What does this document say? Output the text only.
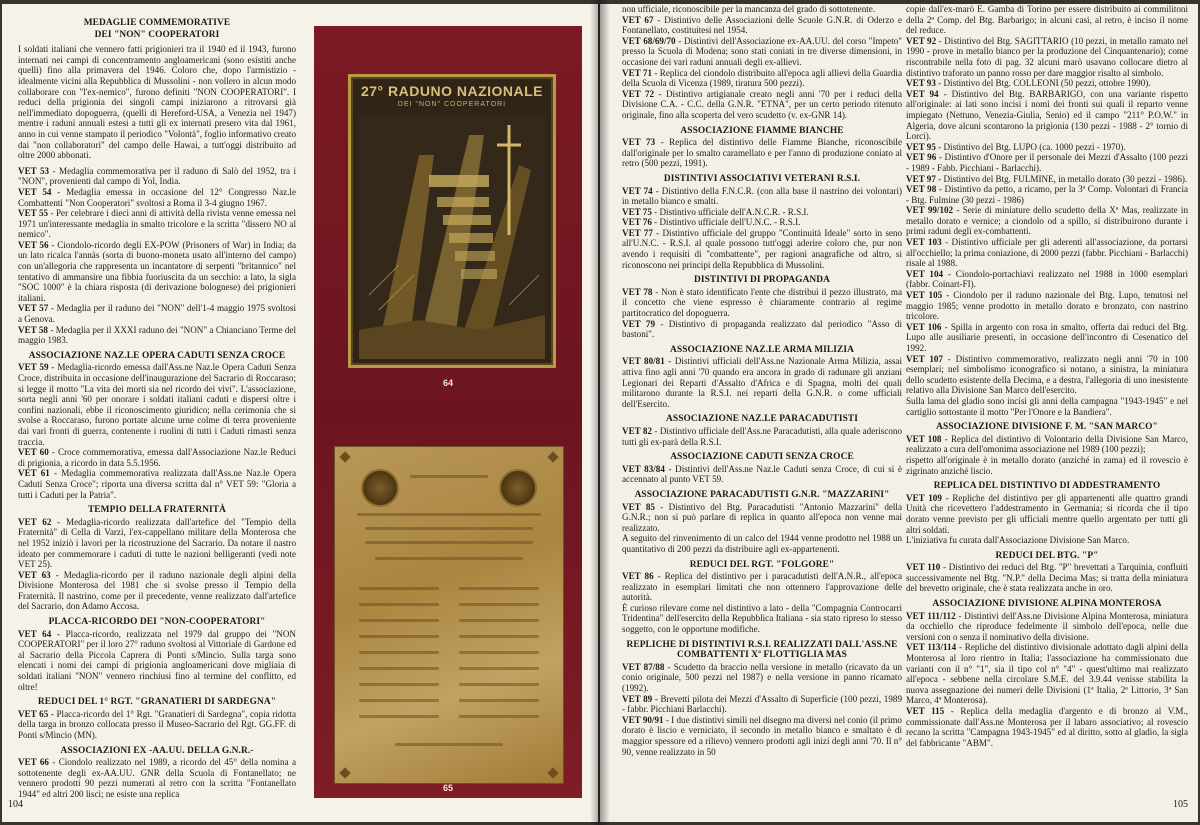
MEDAGLIE COMMEMORATIVE

DEI "NON" COOPERATORI

I soldati italiani che vennero fatti prigionieri tra il 1940 ed il 1943, furono internati nei campi di concentramento angloamericani (sono esistiti anche quelli) fino alla primavera del 1946. Coloro che, dopo l'armistizio - idealmente vicini alla Repubblica di Mussolini - non vollero in alcun modo collaborare con "l'ex-nemico", furono definiti "NON COOPERATORI". I reduci della prigionia dei singoli campi iniziarono a ritrovarsi già nell'immediato dopoguerra, (quelli di Hereford-USA, a Venezia nel 1947) mentre i raduni annuali estesi a tutti gli ex internati presero vita dal 1961, anno in cui venne stampato il periodico "Volontà", foglio informativo creato dai "non collaboratori" del campo delle Hawai, a tutt'oggi distribuito ad oltre 2000 abbonati.

VET 53 - Medaglia commemorativa per il raduno di Salò del 1952, tra i "NON", provenienti dal campo di Yol, India.

VET 54 - Medaglia emessa in occasione del 12° Congresso Naz.le Combattenti "Non Cooperatori" svoltosi a Roma il 3-4 giugno 1967.

VET 55 - Per celebrare i dieci anni di attività della rivista venne emessa nel 1971 un'interessante medaglia in smalto tricolore e la scritta "dissero NO al nemico".

VET 56 - Ciondolo-ricordo degli EX-POW (Prisoners of War) in India; da un lato ricalca l'annàs (sorta di buono-moneta usato all'interno del campo) con un'allegoria che rappresenta un incantatore di serpenti "britannico" nel tentativo di ammansire una fibbia fuoriuscita da un secchio: a lato, la sigla "SOC 1000" è la chiara risposta (di derivazione bolognese) dei prigionieri italiani.

VET 57 - Medaglia per il raduno dei "NON" dell'1-4 maggio 1975 svoltosi a Genova.

VET 58 - Medaglia per il XXXI raduno dei "NON" a Chianciano Terme del maggio 1983.

ASSOCIAZIONE NAZ.LE OPERA CADUTI SENZA CROCE

VET 59 - Medaglia-ricordo emessa dall'Ass.ne Naz.le Opera Caduti Senza Croce, distribuita in occasione dell'inaugurazione del Sacrario di Roccaraso; si legge il motto "La vita dei morti sia nel ricordo dei vivi". L'associazione, sorta negli anni '60 per onorare i soldati italiani caduti e dispersi oltre i confini nazionali, ebbe il riconoscimento giuridico; nella cerimonia che si svolse a Roccaraso, furono portate alcune urne colme di terra proveniente dai vari fronti di guerra, contenente i ruolini di tutti i Caduti rimasti senza traccia.

VET 60 - Croce commemorativa, emessa dall'Associazione Naz.le Reduci di prigionia, a ricordo in data 5.5.1956.

VET 61 - Medaglia commemorativa realizzata dall'Ass.ne Naz.le Opera Caduti Senza Croce"; riporta una diversa scritta dal n° VET 59: "Gloria a tutti i Caduti per la Patria".

TEMPIO DELLA FRATERNITÀ

VET 62 - Medaglia-ricordo realizzata dall'artefice del "Tempio della Fraternità" di Cella di Varzi, l'ex-cappellano militare della Monterosa che nel 1952 iniziò i lavori per la ricostruzione del Sacrario. Da notare il nastro ideato per commemorare i caduti di tutte le nazioni belligeranti (vedi note VET 25).

VET 63 - Medaglia-ricordo per il raduno nazionale degli alpini della Divisione Monterosa del 1981 che si svolse presso il Tempio della Fraternità. Il nastrino, come per il precedente, venne realizzato dall'artefice del Sacrario, don Adamo Accosa.

PLACCA-RICORDO DEI "NON-COOPERATORI"

VET 64 - Placca-ricordo, realizzata nel 1979 dal gruppo dei "NON COOPERATORI" per il loro 27° raduno svoltosi al Vittoriale di Gardone ed al Sacrario della Piccola Caprera di Ponti s/Mincio. Sulla targa sono elencati i nomi dei campi di prigionia angloamericani dove migliaia di soldati italiani "NON" vennero rinchiusi fino al termine del conflitto, ed oltre!

REDUCI DEL 1° RGT. "GRANATIERI DI SARDEGNA"

VET 65 - Placca-ricordo del 1° Rgt. "Granatieri di Sardegna", copia ridotta della targa in bronzo collocata presso il Museo-Sacrario del Rgt. GG.FF. di Ponti s/Mincio (MN).

ASSOCIAZIONI EX -AA.UU. DELLA G.N.R.-

VET 66 - Ciondolo realizzato nel 1989, a ricordo del 45° della nomina a sottotenente degli ex-AA.UU. GNR della Scuola di Fontanellato; ne vennero prodotti 90 pezzi numerati al retro con la scritta "Fontanellato 1944" ed altri 200 lisci; ne esiste una replica

27° RADUNO NAZIONALE
DEI "NON" COOPERATORI
64
65
104

non ufficiale, riconoscibile per la mancanza del grado di sottotenente.

VET 67 - Distintivo delle Associazioni delle Scuole G.N.R. di Oderzo e Fontanellato, costituitesi nel 1954.

VET 68/69/70 - Distintivi dell'Associazione ex-AA.UU. del corso "Impeto" presso la Scuola di Modena; sono stati coniati in tre diverse dimensioni, in occasione dei vari raduni annuali degli ex-allievi.

VET 71 - Replica del ciondolo distribuito all'epoca agli allievi della Guardia della Scuola di Vicenza (1989, tiratura 500 pezzi).

VET 72 - Distintivo artigianale creato negli anni '70 per i reduci della Divisione C.A. - C.C. della G.N.R. "ETNA", per un certo periodo ritenuto originale, fino alla scoperta del vero scudetto (v. ex-GNR 14).

ASSOCIAZIONE FIAMME BIANCHE

VET 73 - Replica del distintivo delle Fiamme Bianche, riconoscibile dall'originale per lo smalto caramellato e per l'anno di produzione coniato al retro (500 pezzi, 1991).

DISTINTIVI ASSOCIATIVI VETERANI R.S.I.

VET 74 - Distintivo della F.N.C.R. (con alla base il nastrino dei volontari) in metallo bianco e smalti.

VET 75 - Distintivo ufficiale dell'A.N.C.R. - R.S.I.

VET 76 - Distintivo ufficiale dell'U.N.C. - R.S.I.

VET 77 - Distintivo ufficiale del gruppo "Continuità Ideale" sorto in seno all'U.N.C. - R.S.I. al quale possono tutt'oggi aderire coloro che, pur non avendo i requisiti di "combattente", per ragioni anagrafiche od altro, si riconoscono nei principi della Repubblica di Mussolini.

DISTINTIVI DI PROPAGANDA

VET 78 - Non è stato identificato l'ente che distribuì il pezzo illustrato, ma il concetto che viene espresso è chiaramente contrario al regime partitocratico del dopoguerra.

VET 79 - Distintivo di propaganda realizzato dal periodico "Asso di bastoni".

ASSOCIAZIONE NAZ.LE ARMA MILIZIA

VET 80/81 - Distintivi ufficiali dell'Ass.ne Nazionale Arma Milizia, assai attiva fino agli anni '70 quando era ancora in grado di radunare gli anziani Legionari dei Reparti d'Assalto d'Africa e di Spagna, molti dei quali militarono durante la R.S.I. nei reparti della G.N.R. o come ufficiali dell'Esercito.

ASSOCIAZIONE NAZ.LE PARACADUTISTI

VET 82 - Distintivo ufficiale dell'Ass.ne Paracadutisti, alla quale aderiscono tutti gli ex-parà della R.S.I.

ASSOCIAZIONE CADUTI SENZA CROCE

VET 83/84 - Distintivi dell'Ass.ne Naz.le Caduti senza Croce, di cui si è accennato al punto VET 59.

ASSOCIAZIONE PARACADUTISTI G.N.R. "MAZZARINI"

VET 85 - Distintivo del Btg. Paracadutisti "Antonio Mazzarini" della G.N.R.; non si può parlare di replica in quanto all'epoca non venne mai realizzato.

A seguito del rinvenimento di un calco del 1944 venne prodotto nel 1988 un quantitativo di 200 pezzi da distribuire agli ex-appartenenti.

REDUCI DEL RGT. "FOLGORE"

VET 86 - Replica del distintivo per i paracadutisti dell'A.N.R., all'epoca realizzato in esemplari limitati che non ottennero l'approvazione delle autorità.

È curioso rilevare come nel distintivo a lato - della "Compagnia Controcarri Tridentina" dell'esercito della Repubblica Italiana - sia stato ripreso lo stesso soggetto, con le opportune modifiche.

REPLICHE DI DISTINTIVI R.S.I. REALIZZATI DALL'ASS.NE COMBATTENTI Xª FLOTTIGLIA MAS

VET 87/88 - Scudetto da braccio nella versione in metallo (ricavato da un conio originale, 500 pezzi nel 1987) e nella versione in panno ricamato (1992).

VET 89 - Brevetti pilota dei Mezzi d'Assalto di Superficie (100 pezzi, 1989 - fabbr. Picchiani Barlacchi).

VET 90/91 - I due distintivi simili nel disegno ma diversi nel conio (il primo dorato è liscio e verniciato, il secondo in metallo bianco e smaltato è di maggior spessore ed a rilievo) vennero prodotti agli inizi degli anni '70. Il n° 90, venne realizzato in 50

copie dall'ex-marò E. Gamba di Torino per essere distribuito ai commilitoni della 2ª Comp. del Btg. Barbarigo; in alcuni casi, al retro, è inciso il nome del reduce.

VET 92 - Distintivo del Btg. SAGITTARIO (10 pezzi, in metallo ramato nel 1990 - prove in metallo bianco per la produzione del Cinquantenario); come riscontrabile nella foto di pag. 32 alcuni marò usavano collocare dietro al distintivo traforato un panno rosso per dare maggior risalto al simbolo.

VET 93 - Distintivo del Btg. COLLEONI (50 pezzi, ottobre 1990).

VET 94 - Distintivo del Btg. BARBARIGO, con una variante rispetto all'originale: ai lati sono incisi i nomi dei fronti sui quali il reparto venne impiegato (Nettuno, Venezia-Giulia, Senio) ed il campo "211° P.O.W." in Algeria, dove alcuni scontarono la prigionia (130 pezzi - 1988 - 2° tornio di Lorci).

VET 95 - Distintivo del Btg. LUPO (ca. 1000 pezzi - 1970).

VET 96 - Distintivo d'Onore per il personale dei Mezzi d'Assalto (100 pezzi - 1989 - Fabb. Picchiani - Barlacchi).

VET 97 - Distintivo del Btg. FULMINE, in metallo dorato (30 pezzi - 1986).

VET 98 - Distintivo da petto, a ricamo, per la 3ª Comp. Volontari di Francia - Btg. Fulmine (30 pezzi - 1986)

VET 99/102 - Serie di miniature dello scudetto della Xª Mas, realizzate in metallo dorato e vernice; a ciondolo od a spillo, si distribuirono durante i primi raduni degli ex-combattenti.

VET 103 - Distintivo ufficiale per gli aderenti all'associazione, da portarsi all'occhiello; la prima coniazione, di 2000 pezzi (fabbr. Picchiani - Barlacchi) risale al 1988.

VET 104 - Ciondolo-portachiavi realizzato nel 1988 in 1000 esemplari (fabbr. Coinart-FI).

VET 105 - Ciondolo per il raduno nazionale del Btg. Lupo, tenutosi nel maggio 1985; venne prodotto in metallo dorato e bronzato, con nastrino tricolore.

VET 106 - Spilla in argento con rosa in smalto, offerta dai reduci del Btg. Lupo alle ausiliarie presenti, in occasione dell'incontro di Cesenatico del 1992.

VET 107 - Distintivo commemorativo, realizzato negli anni '70 in 100 esemplari; nel simbolismo iconografico si notano, a sinistra, la miniatura dello scudetto esistente della Decima, e a destra, l'allegoria di uno inesistente relativo alla Divisione San Marco dell'esercito.

Sulla lama del gladio sono incisi gli anni della campagna "1943-1945" e nel cartiglio sottostante il motto "Per l'Onore e la Bandiera".

ASSOCIAZIONE DIVISIONE F. M. "SAN MARCO"

VET 108 - Replica del distintivo di Volontario della Divisione San Marco, realizzato a cura dell'omonima associazione nel 1989 (100 pezzi);

rispetto all'originale è in metallo dorato (anziché in zama) ed il rovescio è zigrinato anziché liscio.

REPLICA DEL DISTINTIVO DI ADDESTRAMENTO

VET 109 - Repliche del distintivo per gli appartenenti alle quattro grandi Unità che ricevettero l'addestramento in Germania; si ricorda che il tipo dorato venne previsto per gli ufficiali mentre quello argentato per tutti gli altri soldati.

L'iniziativa fu curata dall'Associazione Divisione San Marco.

REDUCI DEL BTG. "P"

VET 110 - Distintivo dei reduci del Btg. "P" brevettati a Tarquinia, confluiti successivamente nel Btg. "N.P." della Decima Mas; si tratta della miniatura del brevetto originale, che è stata realizzata anche in oro.

ASSOCIAZIONE DIVISIONE ALPINA MONTEROSA

VET 111/112 - Distintivi dell'Ass.ne Divisione Alpina Monterosa, miniatura da occhiello che riproduce fedelmente il simbolo dell'epoca, nelle due versioni con o senza il nominativo della divisione.

VET 113/114 - Repliche del distintivo divisionale adottato dagli alpini della Monterosa al loro rientro in Italia; l'associazione ha commissionato due varianti con il n° "1", sia il tipo col n° "4" - quest'ultimo mai realizzato all'epoca - sebbene nella circolare S.M.E. del 3.9.44 venisse stabilita la nuova assegnazione dei numeri delle Divisioni (1ª Italia, 2ª Littorio, 3ª San Marco, 4ª Monterosa).

VET 115 - Replica della medaglia d'argento e di bronzo al V.M., commissionate dall'Ass.ne Monterosa per il labaro associativo; al rovescio recano la scritta "Campagna 1943-1945" ed al diritto, sotto al gladio, la sigla del fabbricante "ABM".

105
